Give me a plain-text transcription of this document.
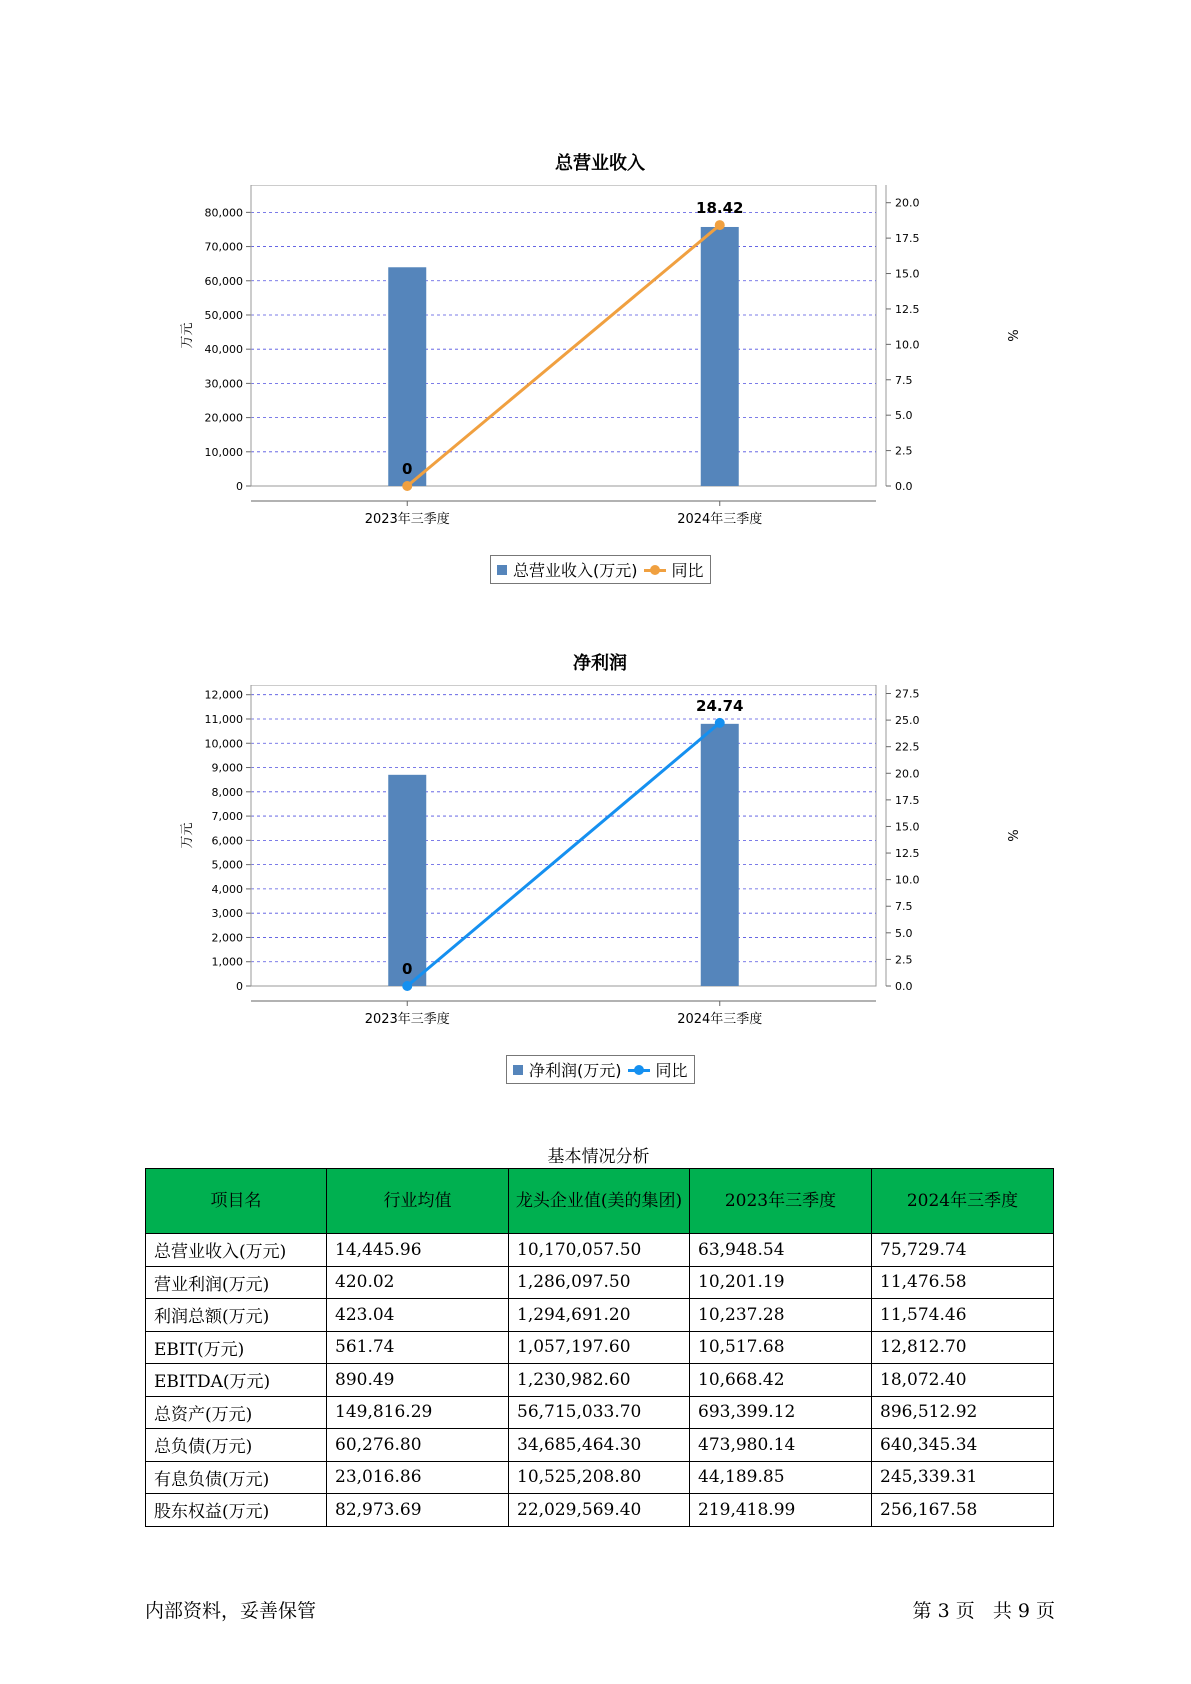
总营业收入
0
10,000
20,000
30,000
40,000
50,000
60,000
70,000
80,000
0.0
2.5
5.0
7.5
10.0
12.5
15.0
17.5
20.0
万元	%
2023年三季度	2024年三季度
0
18.42
总营业收入(万元) 同比
净利润
0
1,000
2,000
3,000
4,000
5,000
6,000
7,000
8,000
9,000
10,000
11,000
12,000
0.0
2.5
5.0
7.5
10.0
12.5
15.0
17.5
20.0
22.5
25.0
27.5
万元	%
2023年三季度	2024年三季度
0
24.74
净利润(万元) 同比
基本情况分析
项目名	行业均值	龙头企业值(美的集团)	2023年三季度	2024年三季度
总营业收入(万元)	14,445.96	10,170,057.50	63,948.54	75,729.74
营业利润(万元)	420.02	1,286,097.50	10,201.19	11,476.58
利润总额(万元)	423.04	1,294,691.20	10,237.28	11,574.46
EBIT(万元)	561.74	1,057,197.60	10,517.68	12,812.70
EBITDA(万元)	890.49	1,230,982.60	10,668.42	18,072.40
总资产(万元)	149,816.29	56,715,033.70	693,399.12	896,512.92
总负债(万元)	60,276.80	34,685,464.30	473,980.14	640,345.34
有息负债(万元)	23,016.86	10,525,208.80	44,189.85	245,339.31
股东权益(万元)	82,973.69	22,029,569.40	219,418.99	256,167.58
内部资料，妥善保管	第 3 页   共 9 页
